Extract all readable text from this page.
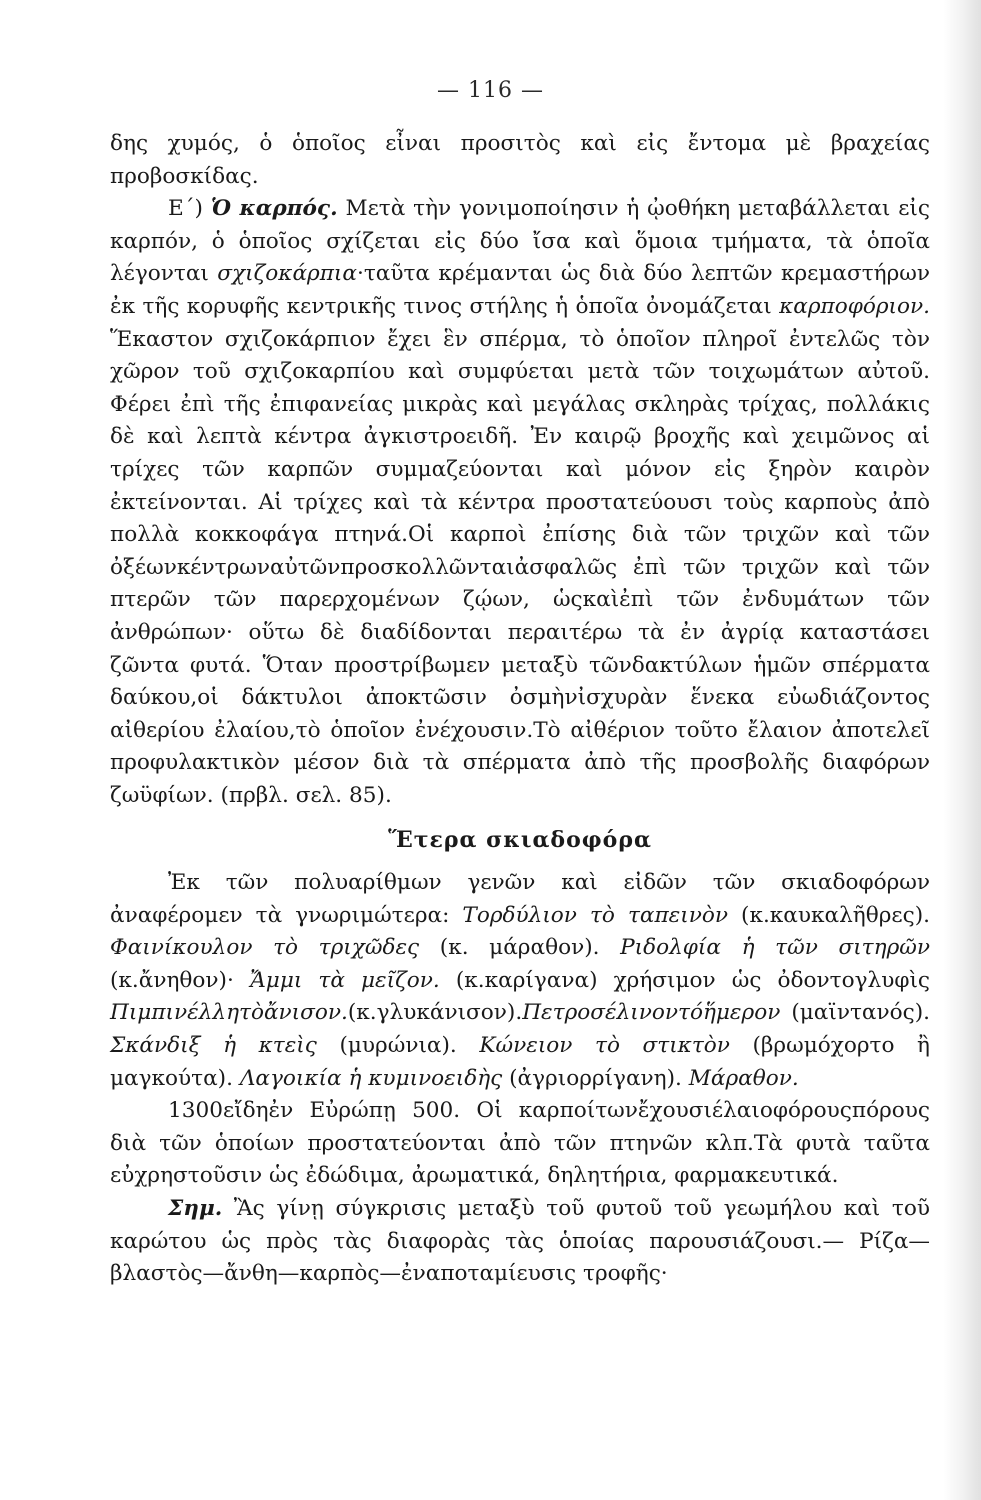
— 116 —

δης χυμός, ὁ ὁποῖος εἶναι προσιτὸς καὶ εἰς ἔντομα μὲ βραχείας προβοσκίδας.

Ε΄) Ὁ καρπός. Μετὰ τὴν γονιμοποίησιν ἡ ᾠοθήκη μεταβάλλεται εἰς καρπόν, ὁ ὁποῖος σχίζεται εἰς δύο ἴσα καὶ ὅμοια τμήματα, τὰ ὁποῖα λέγονται σχιζοκάρπια·ταῦτα κρέμανται ὡς διὰ δύο λεπτῶν κρεμαστήρων ἐκ τῆς κορυφῆς κεντρικῆς τινος στήλης ἡ ὁποῖα ὀνομάζεται καρποφόριον. Ἕκαστον σχιζοκάρπιον ἔχει ἓν σπέρμα, τὸ ὁποῖον πληροῖ ἐντελῶς τὸν χῶρον τοῦ σχιζοκαρπίου καὶ συμφύεται μετὰ τῶν τοιχωμάτων αὐτοῦ. Φέρει ἐπὶ τῆς ἐπιφανείας μικρὰς καὶ μεγάλας σκληρὰς τρίχας, πολλάκις δὲ καὶ λεπτὰ κέντρα ἀγκιστροειδῆ. Ἐν καιρῷ βροχῆς καὶ χειμῶνος αἱ τρίχες τῶν καρπῶν συμμαζεύονται καὶ μόνον εἰς ξηρὸν καιρὸν ἐκτείνονται. Αἱ τρίχες καὶ τὰ κέντρα προστατεύουσι τοὺς καρποὺς ἀπὸ πολλὰ κοκκοφάγα πτηνά.Οἱ καρποὶ ἐπίσης διὰ τῶν τριχῶν καὶ τῶν ὀξέωνκέντρωναὐτῶνπροσκολλῶνταιἀσφαλῶς ἐπὶ τῶν τριχῶν καὶ τῶν πτερῶν τῶν παρερχομένων ζῴων, ὡςκαὶἐπὶ τῶν ἐνδυμάτων τῶν ἀνθρώπων· οὕτω δὲ διαδίδονται περαιτέρω τὰ ἐν ἀγρίᾳ καταστάσει ζῶντα φυτά. Ὅταν προστρίβωμεν μεταξὺ τῶνδακτύλων ἡμῶν σπέρματα δαύκου,οἱ δάκτυλοι ἀποκτῶσιν ὀσμὴνἰσχυρὰν ἕνεκα εὐωδιάζοντος αἰθερίου ἐλαίου,τὸ ὁποῖον ἐνέχουσιν.Τὸ αἰθέριον τοῦτο ἔλαιον ἀποτελεῖ προφυλακτικὸν μέσον διὰ τὰ σπέρματα ἀπὸ τῆς προσβολῆς διαφόρων ζωϋφίων. (πρβλ. σελ. 85).

Ἕτερα σκιαδοφόρα

Ἐκ τῶν πολυαρίθμων γενῶν καὶ εἰδῶν τῶν σκιαδοφόρων ἀναφέρομεν τὰ γνωριμώτερα: Τορδύλιον τὸ ταπεινὸν (κ.καυκαλῆθρες). Φαινίκουλον τὸ τριχῶδες (κ. μάραθον). Ριδολφία ἡ τῶν σιτηρῶν (κ.ἄνηθον)· Ἄμμι τὰ μεῖζον. (κ.καρίγανα) χρήσιμον ὡς ὀδοντογλυφὶς Πιμπινέλλητὸἄνισον.(κ.γλυκάνισον).Πετροσέλινοντόἥμερον (μαϊντανός). Σκάνδιξ ἡ κτεὶς (μυρώνια). Κώνειον τὸ στικτὸν (βρωμόχορτο ἢ μαγκούτα). Λαγοικία ἡ κυμινοειδὴς (ἀγριορρίγανη). Μάραθον.

1300εἴδηἐν Εὐρώπῃ 500. Οἱ καρποίτωνἔχουσιέλαιοφόρουςπόρους διὰ τῶν ὁποίων προστατεύονται ἀπὸ τῶν πτηνῶν κλπ.Τὰ φυτὰ ταῦτα εὐχρηστοῦσιν ὡς ἐδώδιμα, ἀρωματικά, δηλητήρια, φαρμακευτικά.

Σημ. Ἂς γίνῃ σύγκρισις μεταξὺ τοῦ φυτοῦ τοῦ γεωμήλου καὶ τοῦ καρώτου ὡς πρὸς τὰς διαφορὰς τὰς ὁποίας παρουσιάζουσι.— Ρίζα—βλαστὸς—ἄνθη—καρπὸς—ἐναποταμίευσις τροφῆς·
